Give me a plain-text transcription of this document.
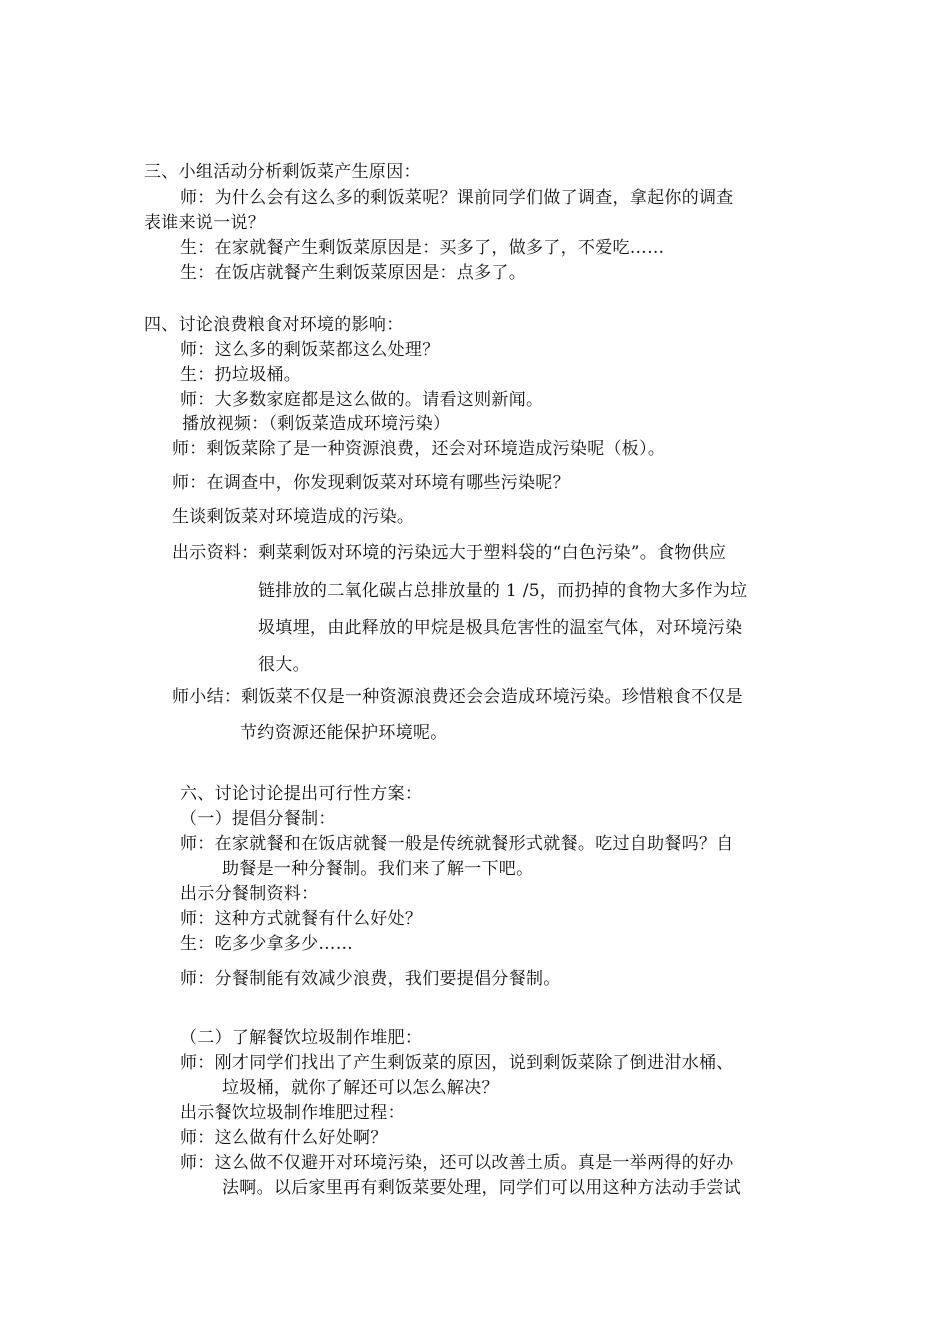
三、小组活动分析剩饭菜产生原因：
师：为什么会有这么多的剩饭菜呢？课前同学们做了调查，拿起你的调查
表谁来说一说？
生：在家就餐产生剩饭菜原因是：买多了，做多了，不爱吃……
生：在饭店就餐产生剩饭菜原因是：点多了。
四、讨论浪费粮食对环境的影响：
师：这么多的剩饭菜都这么处理？
生：扔垃圾桶。
师：大多数家庭都是这么做的。请看这则新闻。
播放视频：（剩饭菜造成环境污染）
师：剩饭菜除了是一种资源浪费，还会对环境造成污染呢（板）。
师：在调查中，你发现剩饭菜对环境有哪些污染呢？
生谈剩饭菜对环境造成的污染。
出示资料：剩菜剩饭对环境的污染远大于塑料袋的“白色污染”。食物供应
链排放的二氧化碳占总排放量的 1 /5，而扔掉的食物大多作为垃
圾填埋，由此释放的甲烷是极具危害性的温室气体，对环境污染
很大。
师小结：剩饭菜不仅是一种资源浪费还会会造成环境污染。珍惜粮食不仅是
节约资源还能保护环境呢。
六、讨论讨论提出可行性方案：
（一）提倡分餐制：
师：在家就餐和在饭店就餐一般是传统就餐形式就餐。吃过自助餐吗？自
助餐是一种分餐制。我们来了解一下吧。
出示分餐制资料：
师：这种方式就餐有什么好处？
生：吃多少拿多少……
师：分餐制能有效减少浪费，我们要提倡分餐制。
（二）了解餐饮垃圾制作堆肥：
师：刚才同学们找出了产生剩饭菜的原因，说到剩饭菜除了倒进泔水桶、
垃圾桶，就你了解还可以怎么解决？
出示餐饮垃圾制作堆肥过程：
师：这么做有什么好处啊？
师：这么做不仅避开对环境污染，还可以改善土质。真是一举两得的好办
法啊。以后家里再有剩饭菜要处理，同学们可以用这种方法动手尝试
